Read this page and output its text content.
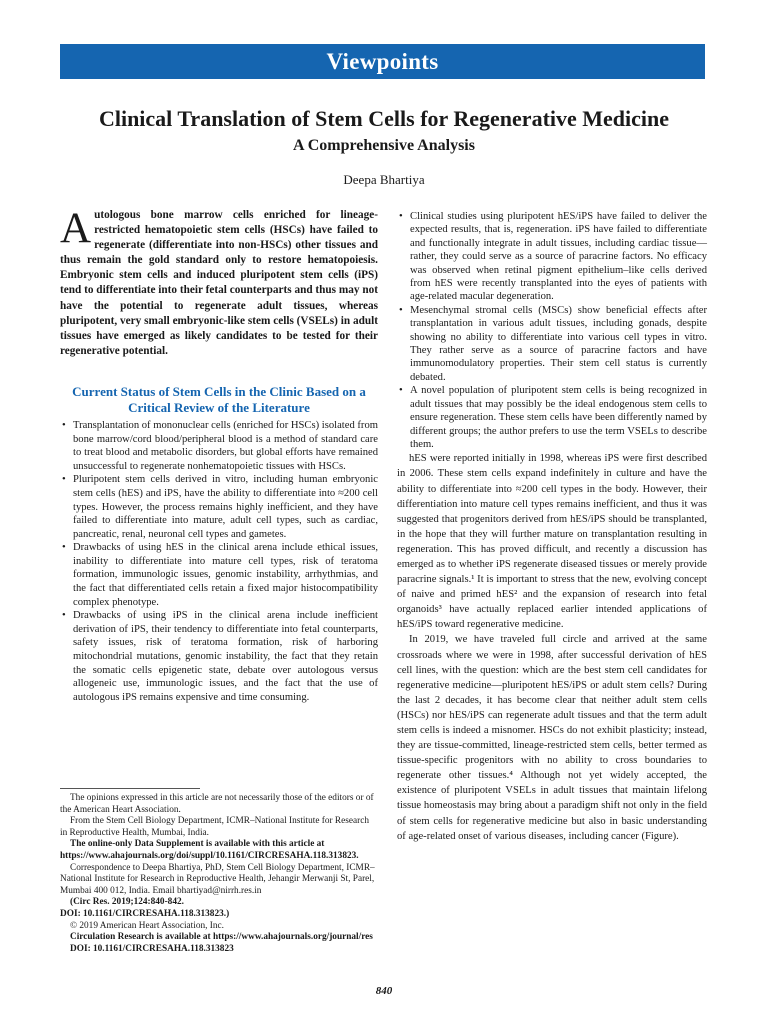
Viewpoints
Clinical Translation of Stem Cells for Regenerative Medicine
A Comprehensive Analysis
Deepa Bhartiya

Autologous bone marrow cells enriched for lineage-restricted hematopoietic stem cells (HSCs) have failed to regenerate (differentiate into non-HSCs) other tissues and thus remain the gold standard only to restore hematopoiesis. Embryonic stem cells and induced pluripotent stem cells (iPS) tend to differentiate into their fetal counterparts and thus may not have the potential to regenerate adult tissues, whereas pluripotent, very small embryonic-like stem cells (VSELs) in adult tissues have emerged as likely candidates to be tested for their regenerative potential.

Current Status of Stem Cells in the Clinic Based on a Critical Review of the Literature
• Transplantation of mononuclear cells (enriched for HSCs) isolated from bone marrow/cord blood/peripheral blood is a method of standard care to treat blood and metabolic disorders, but global efforts have remained unsuccessful to regenerate nonhematopoietic tissues with HSCs.
• Pluripotent stem cells derived in vitro, including human embryonic stem cells (hES) and iPS, have the ability to differentiate into ≈200 cell types. However, the process remains highly inefficient, and they have failed to differentiate into mature, adult cell types, such as cardiac, pancreatic, renal, neuronal cell types and gametes.
• Drawbacks of using hES in the clinical arena include ethical issues, inability to differentiate into mature cell types, risk of teratoma formation, immunologic issues, genomic instability, arrhythmias, and the fact that differentiated cells retain a fixed major histocompatibility complex phenotype.
• Drawbacks of using iPS in the clinical arena include inefficient derivation of iPS, their tendency to differentiate into fetal counterparts, safety issues, risk of teratoma formation, risk of harboring mitochondrial mutations, genomic instability, the fact that they retain the somatic cells epigenetic state, debate over autologous versus allogeneic use, immunologic issues, and the fact that the use of autologous iPS remains expensive and time consuming.

The opinions expressed in this article are not necessarily those of the editors or of the American Heart Association.

From the Stem Cell Biology Department, ICMR–National Institute for Research in Reproductive Health, Mumbai, India.

The online-only Data Supplement is available with this article at https://www.ahajournals.org/doi/suppl/10.1161/CIRCRESAHA.118.313823.

Correspondence to Deepa Bhartiya, PhD, Stem Cell Biology Department, ICMR–National Institute for Research in Reproductive Health, Jehangir Merwanji St, Parel, Mumbai 400 012, India. Email bhartiyad@nirrh.res.in

(Circ Res. 2019;124:840-842.

DOI: 10.1161/CIRCRESAHA.118.313823.)

© 2019 American Heart Association, Inc.

Circulation Research is available at https://www.ahajournals.org/journal/res

DOI: 10.1161/CIRCRESAHA.118.313823

• Clinical studies using pluripotent hES/iPS have failed to deliver the expected results, that is, regeneration. iPS have failed to differentiate and functionally integrate in adult tissues, including cardiac tissue—rather, they could serve as a source of paracrine factors. No efficacy was observed when retinal pigment epithelium–like cells derived from hES were recently transplanted into the eyes of patients with age-related macular degeneration.
• Mesenchymal stromal cells (MSCs) show beneficial effects after transplantation in various adult tissues, including gonads, despite showing no ability to differentiate into various cell types in vitro. They rather serve as a source of paracrine factors and have immunomodulatory properties. Their stem cell status is currently debated.
• A novel population of pluripotent stem cells is being recognized in adult tissues that may possibly be the ideal endogenous stem cells to ensure regeneration. These stem cells have been differently named by different groups; the author prefers to use the term VSELs to describe them.

hES were reported initially in 1998, whereas iPS were first described in 2006. These stem cells expand indefinitely in culture and have the ability to differentiate into ≈200 cell types in the body. However, their differentiation into mature cell types remains inefficient, and thus it was suggested that progenitors derived from hES/iPS should be transplanted, in the hope that they will further mature on transplantation resulting in regeneration. This has proved difficult, and recently a discussion has emerged as to whether iPS regenerate diseased tissues or merely provide paracrine signals.¹ It is important to stress that the new, evolving concept of naive and primed hES² and the expansion of research into fetal organoids³ have actually replaced earlier intended applications of hES/iPS toward regenerative medicine.

In 2019, we have traveled full circle and arrived at the same crossroads where we were in 1998, after successful derivation of hES cell lines, with the question: which are the best stem cell candidates for regenerative medicine—pluripotent hES/iPS or adult stem cells? During the last 2 decades, it has become clear that neither adult stem cells (HSCs) nor hES/iPS can regenerate adult tissues and that the term adult stem cells is indeed a misnomer. HSCs do not exhibit plasticity; instead, they are tissue-committed, lineage-restricted stem cells, better termed as tissue-specific progenitors with no ability to cross boundaries to regenerate other tissues.⁴ Although not yet widely accepted, the existence of pluripotent VSELs in adult tissues that maintain lifelong tissue homeostasis may bring about a paradigm shift not only in the field of stem cells for regenerative medicine but also in basic understanding of age-related onset of various diseases, including cancer (Figure).

840
